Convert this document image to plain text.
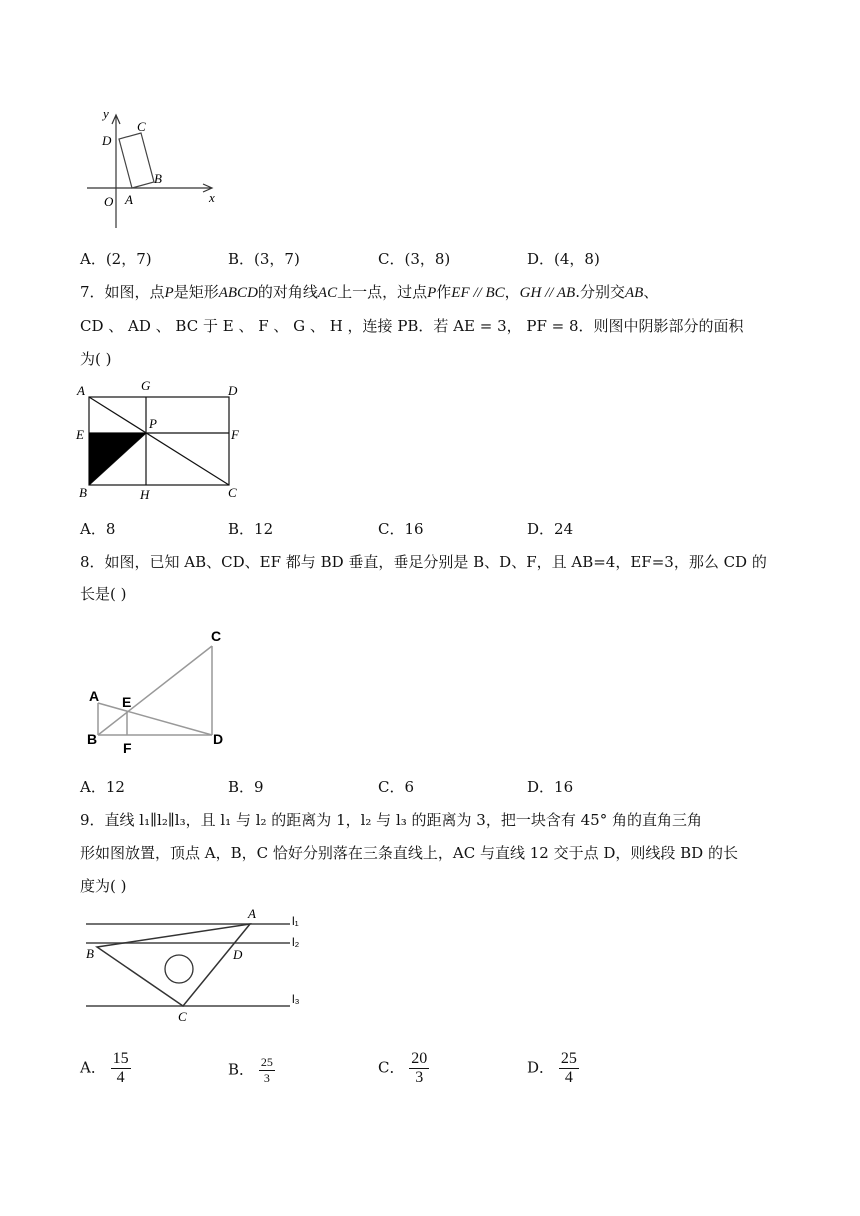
y
x
O A
B
C
D
A．(2，7)	B．(3，7)	C．(3，8)	D．(4，8)
7．如图，点P是矩形ABCD的对角线AC上一点，过点P作EF // BC，GH // AB.分别交AB、
CD 、 AD 、 BC 于 E 、 F 、 G 、 H ，连接 PB．若 AE = 3， PF = 8．则图中阴影部分的面积
为( )
A	G	D
E
P
F
B	H	C
A．8	B．12	C．16	D．24
8．如图，已知 AB、CD、EF 都与 BD 垂直，垂足分别是 B、D、F，且 AB=4，EF=3，那么 CD 的
长是( )
A E
C
B
F
D
A．12	B．9	C．6	D．16
9．直线 l₁∥l₂∥l₃，且 l₁ 与 l₂ 的距离为 1，l₂ 与 l₃ 的距离为 3，把一块含有 45° 角的直角三角
形如图放置，顶点 A，B，C 恰好分别落在三条直线上，AC 与直线 12 交于点 D，则线段 BD 的长
度为( )
A
B	D
C
l₁
l₂
l₃
A． $\frac{15}{4}$	B． $\frac{25}{3}$	C． $\frac{20}{3}$	D． $\frac{25}{4}$
